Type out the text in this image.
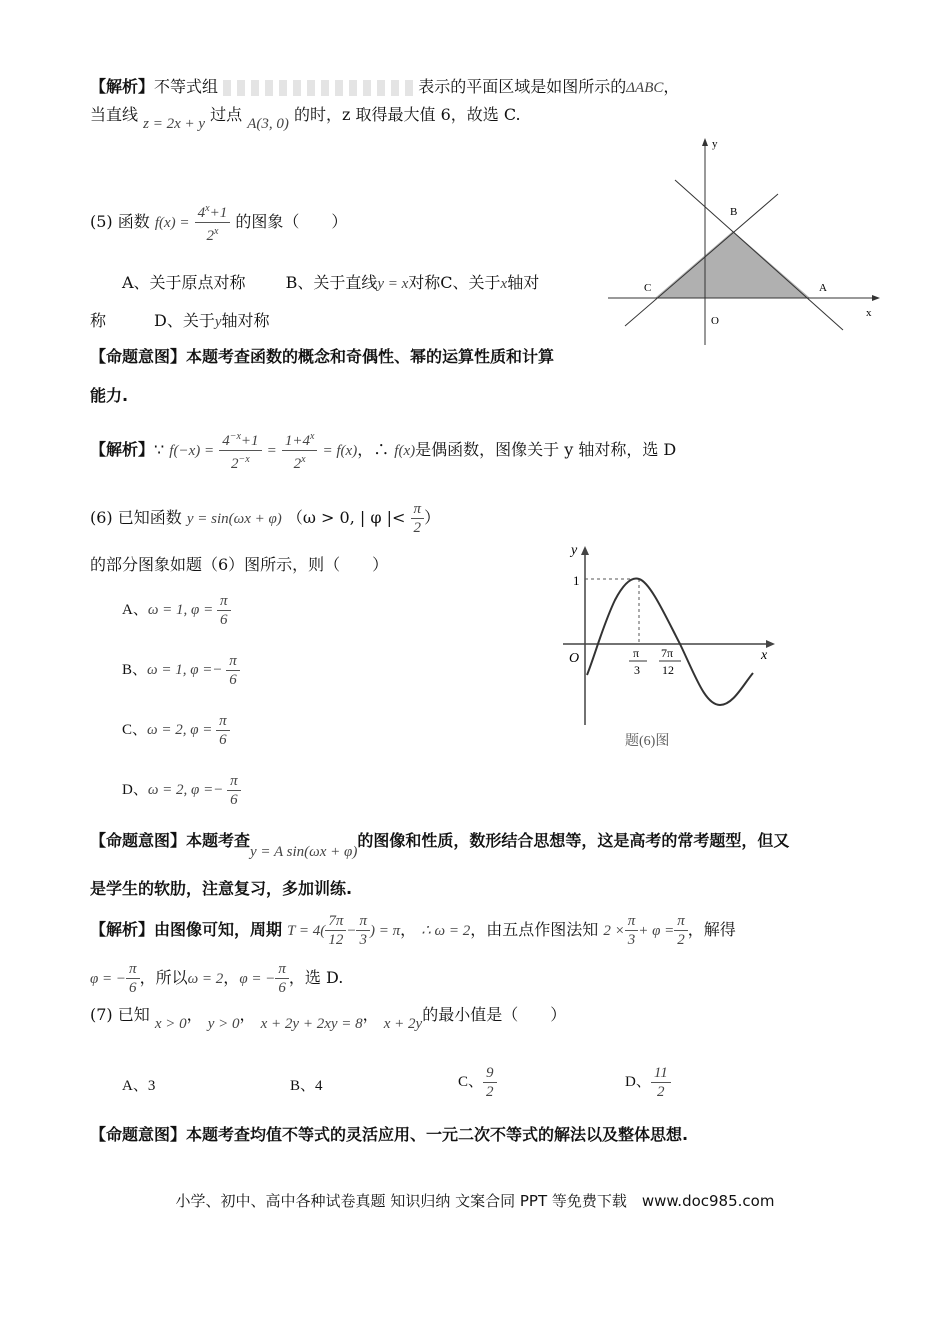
【解析】不等式组	表示的平面区域是如图所示的ΔABC，
当直线 z = 2x + y 过点 A(3, 0) 的时，z 取得最大值 6，故选 C.
y
x
B
C	A
O
(5) 函数 $f(x) = \frac{4^x+1}{2^x}$ 的图象（　　）
A、关于原点对称	B、关于直线y = x对称C、关于x轴对
称	D、关于y轴对称
【命题意图】本题考查函数的概念和奇偶性、幂的运算性质和计算
能力.
【解析】∵ $f(-x) = \frac{4^{-x}+1}{2^{-x}} = \frac{1+4^x}{2^x} = f(x)$，∴ f(x)是偶函数，图像关于 y 轴对称，选 D
(6) 已知函数 y = sin(ωx + φ) （ω > 0, | φ |< $\frac{\pi}{2}$ ）
的部分图象如题（6）图所示，则（　　）
A、ω = 1, $\varphi = \frac{\pi}{6}$
B、ω = 1, $\varphi =- \frac{\pi}{6}$
C、ω = 2, $\varphi = \frac{\pi}{6}$
D、ω = 2, $\varphi =- \frac{\pi}{6}$
y
x
1
O	π
3
7π
12
题(6)图
【命题意图】本题考查y = A sin(ωx + φ)的图像和性质，数形结合思想等，这是高考的常考题型，但又
是学生的软肋，注意复习，多加训练.
【解析】由图像可知，周期 $T = 4( \frac{7\pi}{12} - \frac{\pi}{3}$ ) = π， ∴ ω = 2，由五点作图法知 $2 \times \frac{\pi}{3} + \varphi = \frac{\pi}{2}$ ，解得
φ = − $\frac{\pi}{6}$ ，所以ω = 2，φ = − $\frac{\pi}{6}$ ，选 D.
(7) 已知 x > 0， y > 0， x + 2y + 2xy = 8， x + 2y的最小值是（　　）
A、3	B、4	C、 $\frac{9}{2}$	D、 $\frac{11}{2}$
【命题意图】本题考查均值不等式的灵活应用、一元二次不等式的解法以及整体思想.
小学、初中、高中各种试卷真题 知识归纳 文案合同 PPT 等免费下载　www.doc985.com
